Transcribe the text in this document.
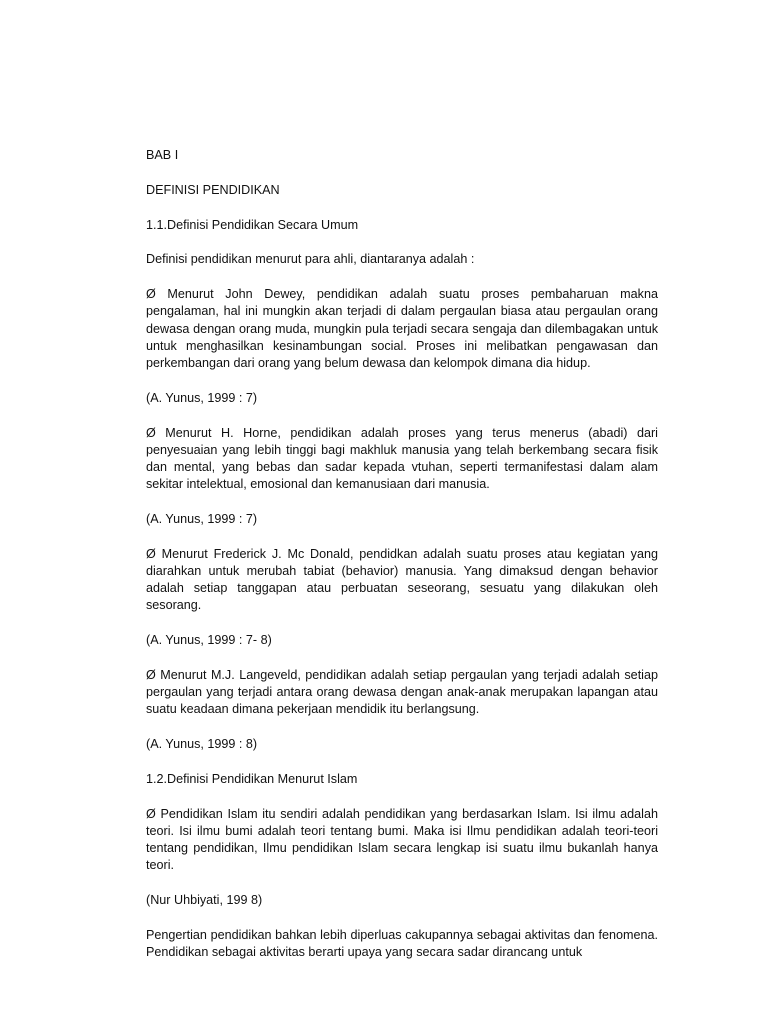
BAB I

DEFINISI PENDIDIKAN

1.1.Definisi Pendidikan Secara Umum

Definisi pendidikan menurut para ahli, diantaranya adalah :

Ø Menurut John Dewey, pendidikan adalah suatu proses pembaharuan makna pengalaman, hal ini mungkin akan terjadi di dalam pergaulan biasa atau pergaulan orang dewasa dengan orang muda, mungkin pula terjadi secara sengaja dan dilembagakan untuk untuk menghasilkan kesinambungan social. Proses ini melibatkan pengawasan dan perkembangan dari orang yang belum dewasa dan kelompok dimana dia hidup.

(A. Yunus, 1999 : 7)

Ø Menurut H. Horne, pendidikan adalah proses yang terus menerus (abadi) dari penyesuaian yang lebih tinggi bagi makhluk manusia yang telah berkembang secara fisik dan mental, yang bebas dan sadar kepada vtuhan, seperti termanifestasi dalam alam sekitar intelektual, emosional dan kemanusiaan dari manusia.

(A. Yunus, 1999 : 7)

Ø Menurut Frederick J. Mc Donald, pendidkan adalah suatu proses atau kegiatan yang diarahkan untuk merubah tabiat (behavior) manusia. Yang dimaksud dengan behavior adalah setiap tanggapan atau perbuatan seseorang, sesuatu yang dilakukan oleh sesorang.

(A. Yunus, 1999 : 7- 8)

Ø Menurut M.J. Langeveld, pendidikan adalah setiap pergaulan yang terjadi adalah setiap pergaulan yang terjadi antara orang dewasa dengan anak-anak merupakan lapangan atau suatu keadaan dimana pekerjaan mendidik itu berlangsung.

(A. Yunus, 1999 : 8)

1.2.Definisi Pendidikan Menurut Islam

Ø Pendidikan Islam itu sendiri adalah pendidikan yang berdasarkan Islam. Isi ilmu adalah teori. Isi ilmu bumi adalah teori tentang bumi. Maka isi Ilmu pendidikan adalah teori-teori tentang pendidikan, Ilmu pendidikan Islam secara lengkap isi suatu ilmu bukanlah hanya teori.

(Nur Uhbiyati, 199 8)

Pengertian pendidikan bahkan lebih diperluas cakupannya sebagai aktivitas dan fenomena. Pendidikan sebagai aktivitas berarti upaya yang secara sadar dirancang untuk
